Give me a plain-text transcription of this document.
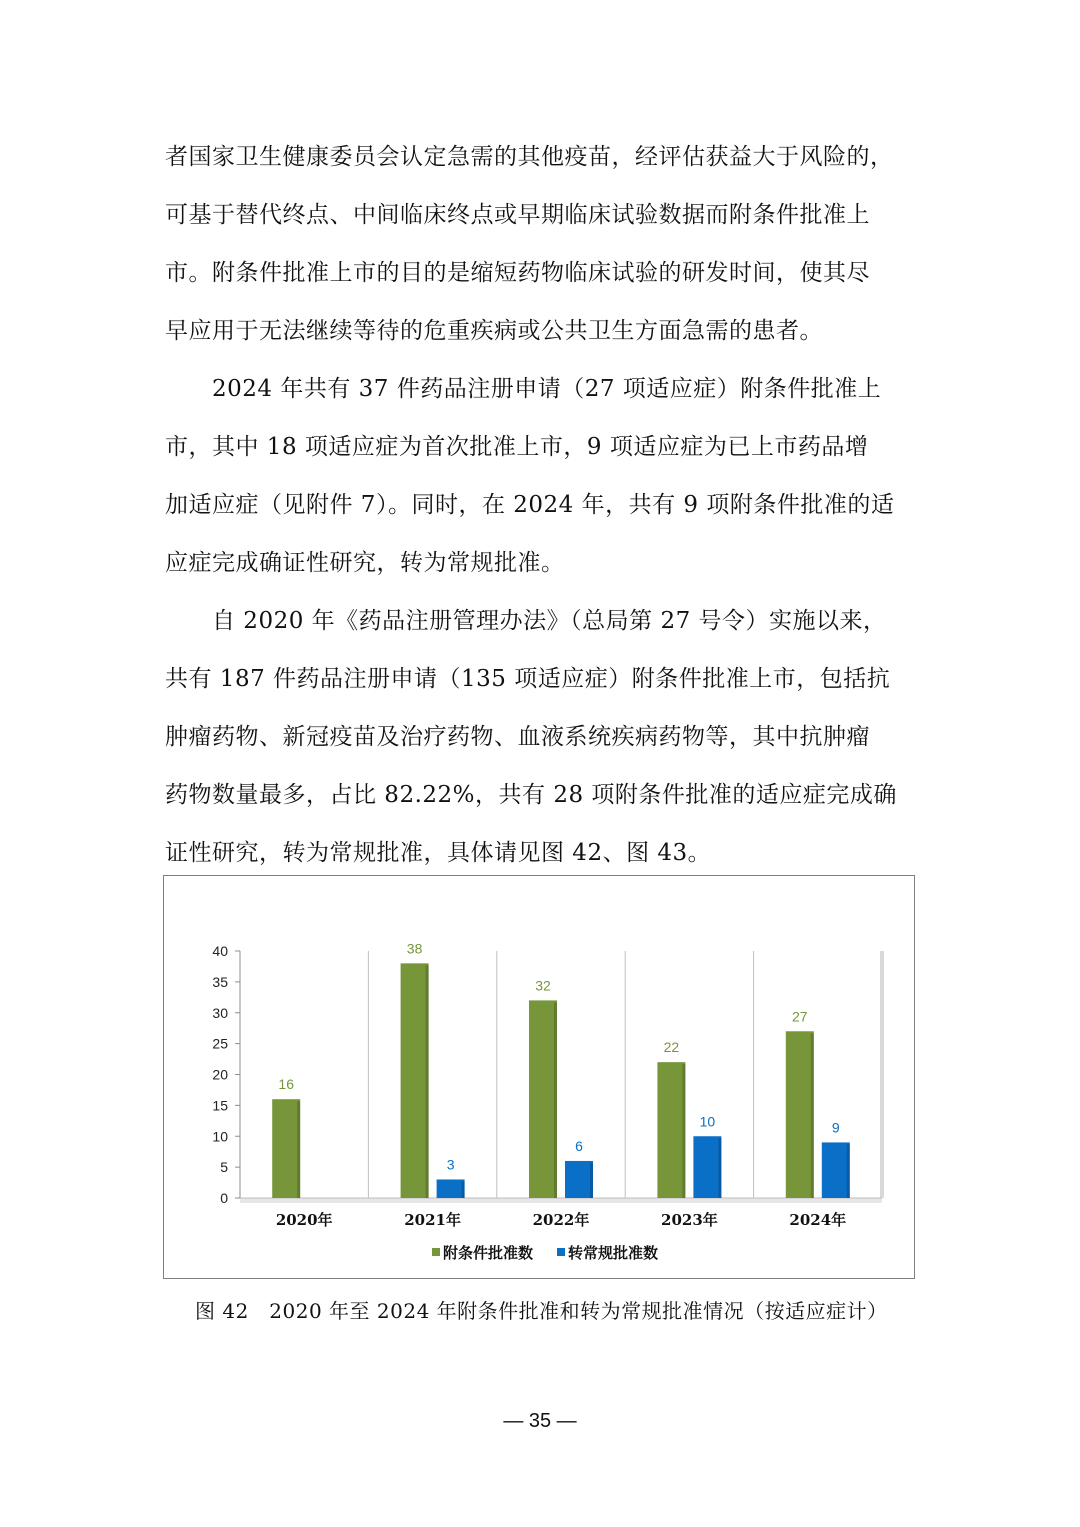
者国家卫生健康委员会认定急需的其他疫苗，经评估获益大于风险的，
可基于替代终点、中间临床终点或早期临床试验数据而附条件批准上
市。附条件批准上市的目的是缩短药物临床试验的研发时间，使其尽
早应用于无法继续等待的危重疾病或公共卫生方面急需的患者。
　　2024 年共有 37 件药品注册申请（27 项适应症）附条件批准上
市，其中 18 项适应症为首次批准上市，9 项适应症为已上市药品增
加适应症（见附件 7）。同时，在 2024 年，共有 9 项附条件批准的适
应症完成确证性研究，转为常规批准。
　　自 2020 年《药品注册管理办法》（总局第 27 号令）实施以来，
共有 187 件药品注册申请（135 项适应症）附条件批准上市，包括抗
肿瘤药物、新冠疫苗及治疗药物、血液系统疾病药物等，其中抗肿瘤
药物数量最多，占比 82.22%，共有 28 项附条件批准的适应症完成确
证性研究，转为常规批准，具体请见图 42、图 43。
0
5
10
15
20
25
30
35
40
16
38
32
22
27
3
6
10	9
2020年	2021年	2022年	2023年	2024年
附条件批准数 转常规批准数
图 42　2020 年至 2024 年附条件批准和转为常规批准情况（按适应症计）
— 35 —
